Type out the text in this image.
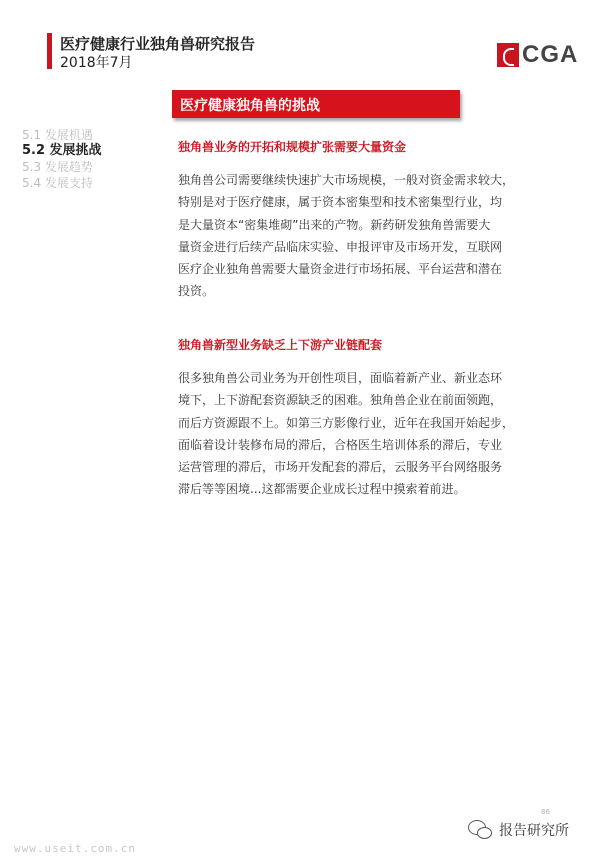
医疗健康行业独角兽研究报告
2018年7月	CGA
医疗健康独角兽的挑战
5.1 发展机遇
5.2 发展挑战
5.3 发展趋势
5.4 发展支持
独角兽业务的开拓和规模扩张需要大量资金
独角兽公司需要继续快速扩大市场规模，一般对资金需求较大，
特别是对于医疗健康，属于资本密集型和技术密集型行业，均
是大量资本“密集堆砌”出来的产物。新药研发独角兽需要大
量资金进行后续产品临床实验、申报评审及市场开发，互联网
医疗企业独角兽需要大量资金进行市场拓展、平台运营和潜在
投资。
独角兽新型业务缺乏上下游产业链配套
很多独角兽公司业务为开创性项目，面临着新产业、新业态环
境下，上下游配套资源缺乏的困难。独角兽企业在前面领跑，
而后方资源跟不上。如第三方影像行业，近年在我国开始起步，
面临着设计装修布局的滞后，合格医生培训体系的滞后，专业
运营管理的滞后，市场开发配套的滞后，云服务平台网络服务
滞后等等困境...这都需要企业成长过程中摸索着前进。
86
www.useit.com.cn
报告研究所
